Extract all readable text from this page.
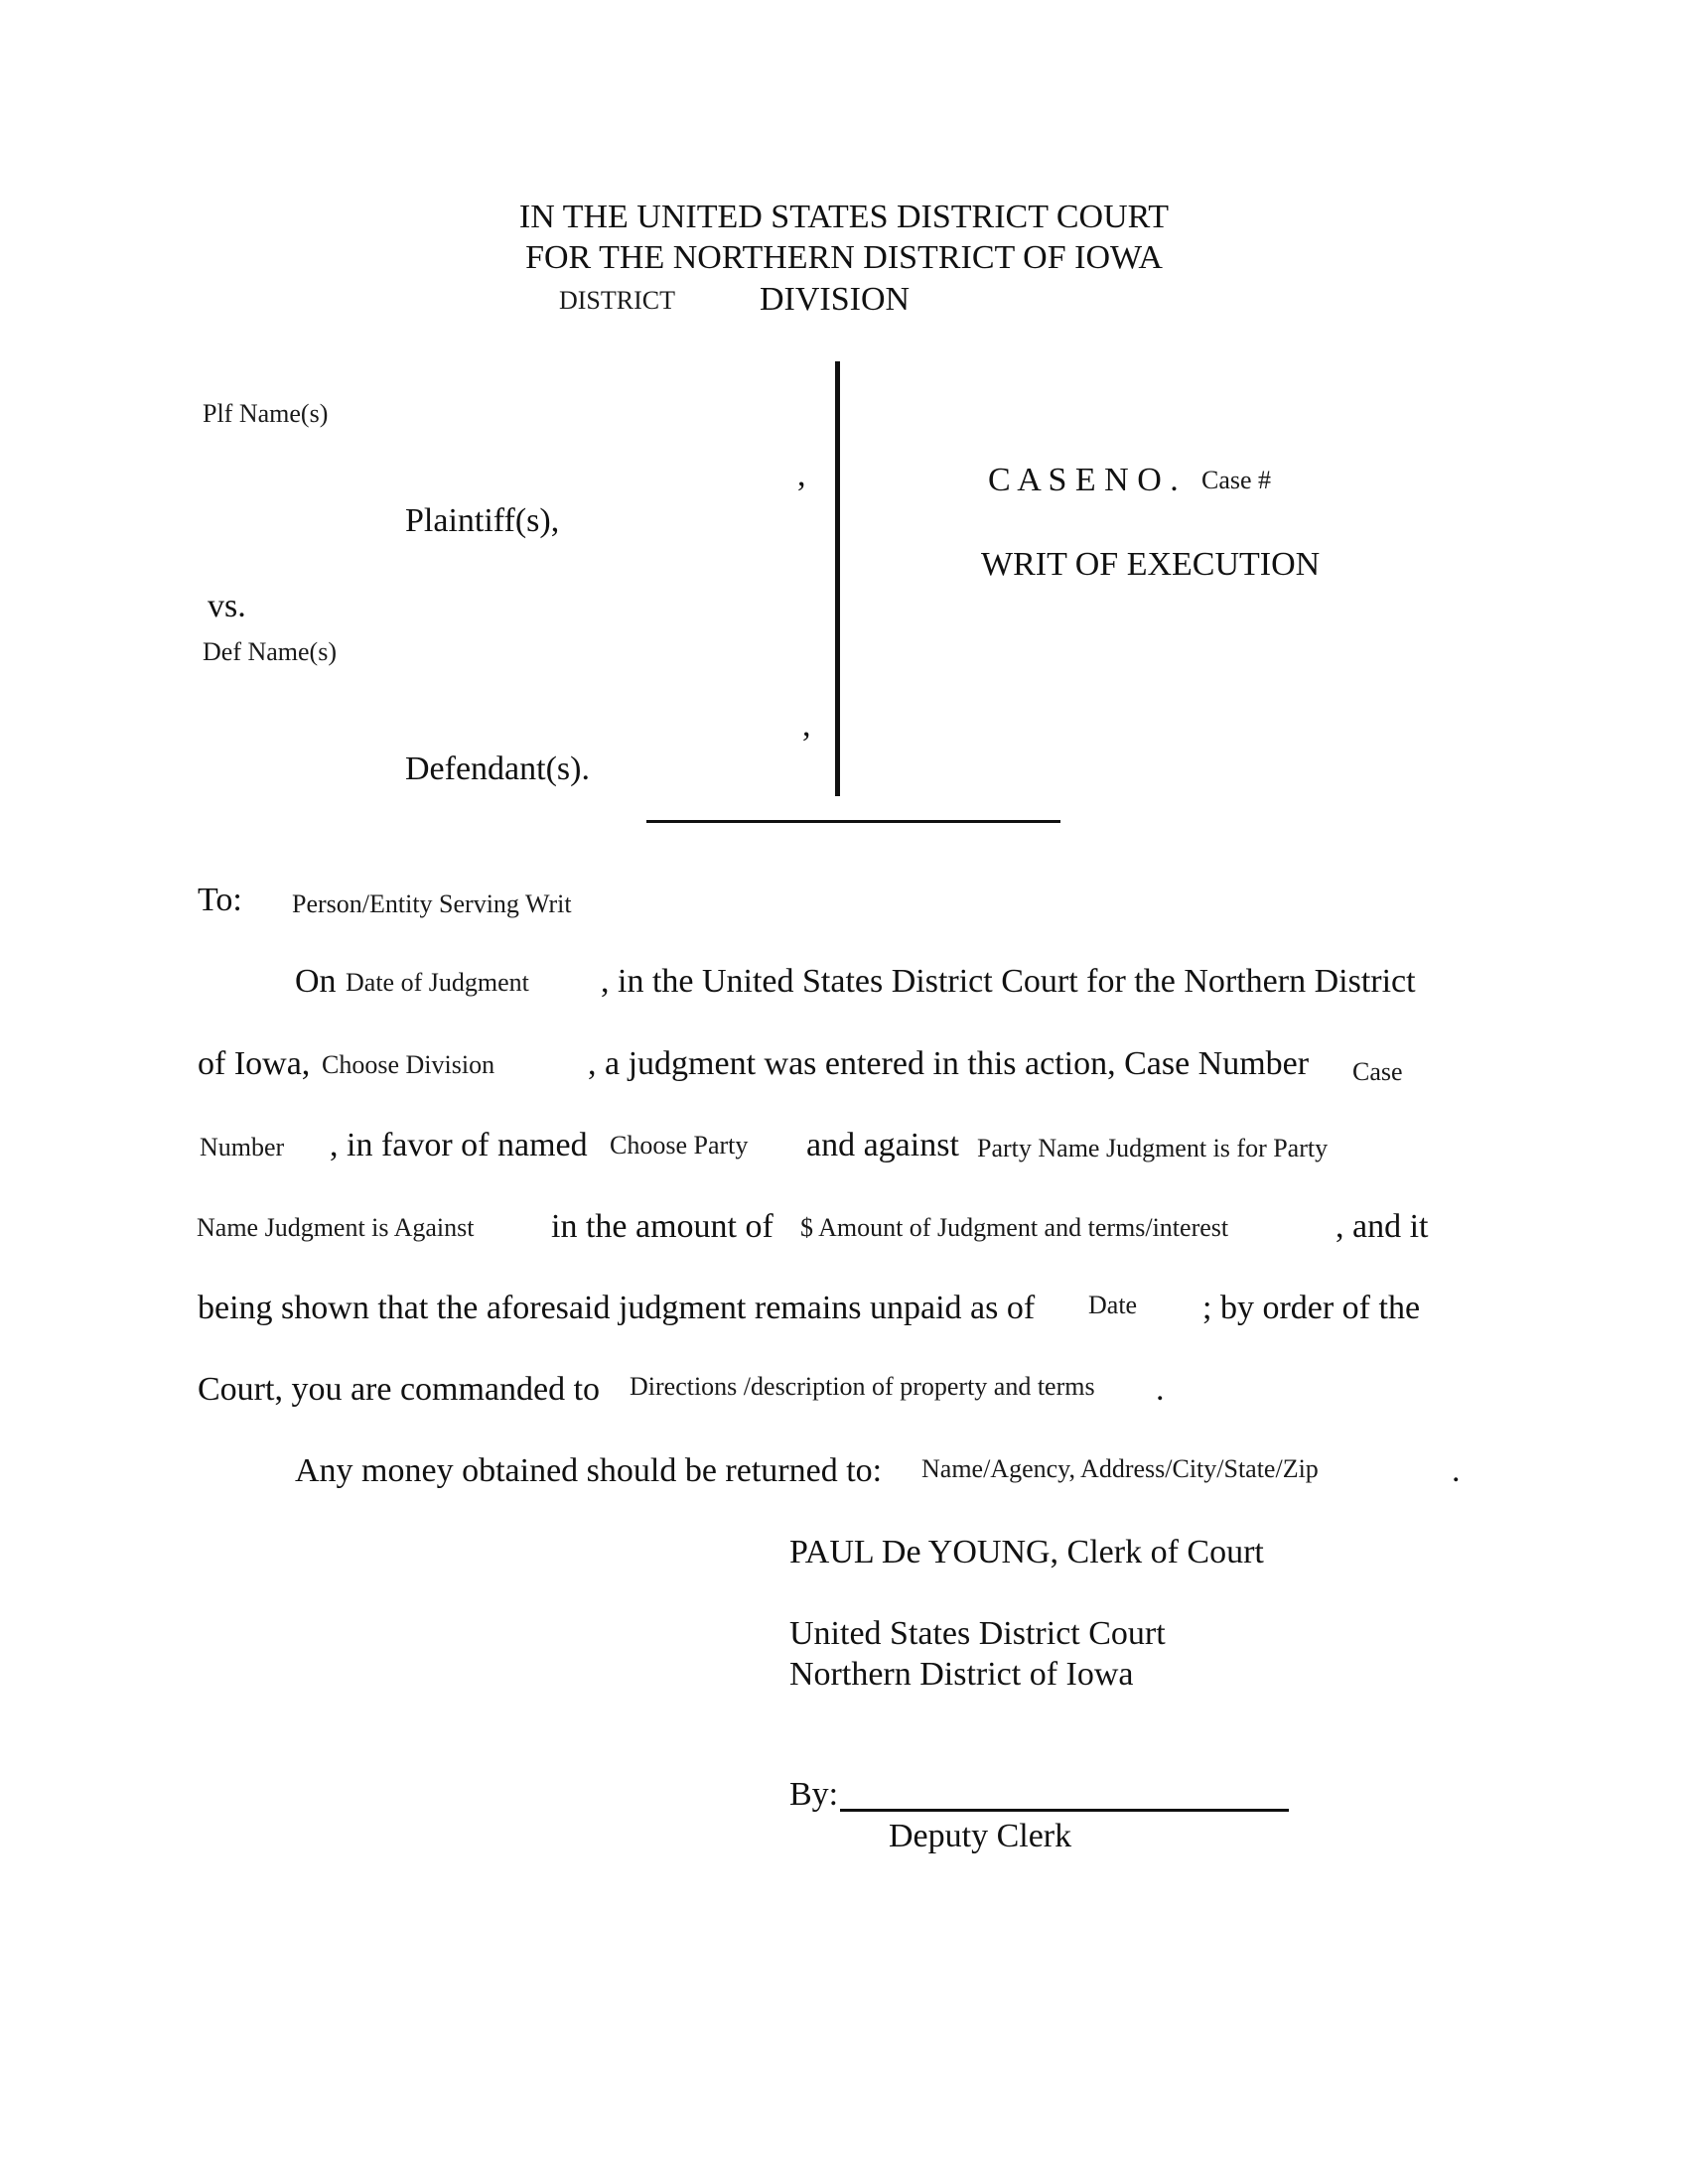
IN THE UNITED STATES DISTRICT COURT
FOR THE NORTHERN DISTRICT OF IOWA
DISTRICT	DIVISION
Plf Name(s)
,
Plaintiff(s),
vs.
Def Name(s)
,
Defendant(s).
C A S E N O . Case #
WRIT OF EXECUTION
To: Person/Entity Serving Writ
On Date of Judgment , in the United States District Court for the Northern District
of Iowa, Choose Division	, a judgment was entered in this action, Case Number Case
Number , in favor of named Choose Party and against Party Name Judgment is for Party
Name Judgment is Against in the amount of $ Amount of Judgment and terms/interest	, and it
being shown that the aforesaid judgment remains unpaid as of Date ; by order of the
Court, you are commanded to Directions /description of property and terms .
Any money obtained should be returned to: Name/Agency, Address/City/State/Zip	.
PAUL De YOUNG, Clerk of Court
United States District Court
Northern District of Iowa
By:
Deputy Clerk
